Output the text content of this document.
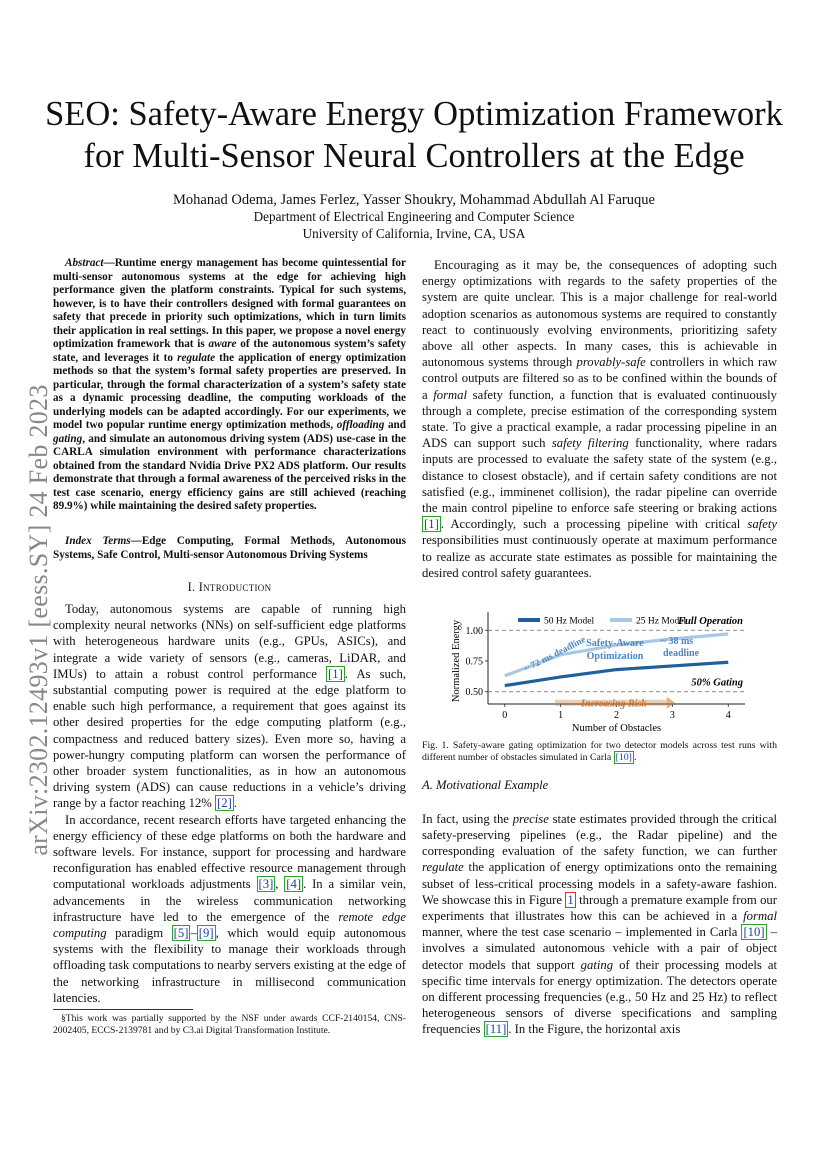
SEO: Safety-Aware Energy Optimization Framework
for Multi-Sensor Neural Controllers at the Edge
Mohanad Odema, James Ferlez, Yasser Shoukry, Mohammad Abdullah Al Faruque
Department of Electrical Engineering and Computer Science
University of California, Irvine, CA, USA
arXiv:2302.12493v1 [eess.SY] 24 Feb 2023
Abstract—Runtime energy management has become quintessential for multi-sensor autonomous systems at the edge for achieving high performance given the platform constraints. Typical for such systems, however, is to have their controllers designed with formal guarantees on safety that precede in priority such optimizations, which in turn limits their application in real settings. In this paper, we propose a novel energy optimization framework that is aware of the autonomous system’s safety state, and leverages it to regulate the application of energy optimization methods so that the system’s formal safety properties are preserved. In particular, through the formal characterization of a system’s safety state as a dynamic processing deadline, the computing workloads of the underlying models can be adapted accordingly. For our experiments, we model two popular runtime energy optimization methods, offloading and gating, and simulate an autonomous driving system (ADS) use-case in the CARLA simulation environment with performance characterizations obtained from the standard Nvidia Drive PX2 ADS platform. Our results demonstrate that through a formal awareness of the perceived risks in the test case scenario, energy efficiency gains are still achieved (reaching 89.9%) while maintaining the desired safety properties.
Index Terms—Edge Computing, Formal Methods, Autonomous Systems, Safe Control, Multi-sensor Autonomous Driving Systems
I. Introduction

Today, autonomous systems are capable of running high complexity neural networks (NNs) on self-sufficient edge platforms with heterogeneous hardware units (e.g., GPUs, ASICs), and integrate a wide variety of sensors (e.g., cameras, LiDAR, and IMUs) to attain a robust control performance [1] . As such, substantial computing power is required at the edge platform to enable such high performance, a requirement that goes against its other desired properties for the edge computing platform (e.g., compactness and reduced battery sizes). Even more so, having a power-hungry computing platform can worsen the performance of other broader system functionalities, as in how an autonomous driving system (ADS) can cause reductions in a vehicle’s driving range by a factor reaching 12% [2] .

In accordance, recent research efforts have targeted enhancing the energy efficiency of these edge platforms on both the hardware and software levels. For instance, support for processing and hardware reconfiguration has enabled effective resource management through computational workloads adjustments [3] , [4] . In a similar vein, advancements in the wireless communication networking infrastructure have led to the emergence of the remote edge computing paradigm [5] – [9] , which would equip autonomous systems with the flexibility to manage their workloads through offloading task computations to nearby servers existing at the edge of the networking infrastructure in millisecond communication latencies.

§This work was partially supported by the NSF under awards CCF-2140154, CNS-2002405, ECCS-2139781 and by C3.ai Digital Transformation Institute.

Encouraging as it may be, the consequences of adopting such energy optimizations with regards to the safety properties of the system are quite unclear. This is a major challenge for real-world adoption scenarios as autonomous systems are required to constantly react to continuously evolving environments, prioritizing safety above all other aspects. In many cases, this is achievable in autonomous systems through provably-safe controllers in which raw control outputs are filtered so as to be confined within the bounds of a formal safety function, a function that is evaluated continuously through a complete, precise estimation of the corresponding system state. To give a practical example, a radar processing pipeline in an ADS can support such safety filtering functionality, where radars inputs are processed to evaluate the safety state of the system (e.g., distance to closest obstacle), and if certain safety conditions are not satisfied (e.g., imminenet collision), the radar pipeline can override the main control pipeline to enforce safe steering or braking actions [1] . Accordingly, such a processing pipeline with critical safety responsibilities must continuously operate at maximum performance to realize as accurate state estimates as possible for maintaining the desired control safety guarantees.

0	1	2	3	4
0.50
0.75
1.00
Number of Obstacles
Normalized Energy	50 Hz Model	25 Hz Model
Full Operation
50% Gating
~ 72 ms deadline
Safety-Aware
Optimization
~ 38 ms
deadline
Increasing Risk
Fig. 1. Safety-aware gating optimization for two detector models across test runs with different number of obstacles simulated in Carla [10] .
A. Motivational Example

In fact, using the precise state estimates provided through the critical safety-preserving pipelines (e.g., the Radar pipeline) and the corresponding evaluation of the safety function, we can further regulate the application of energy optimizations onto the remaining subset of less-critical processing models in a safety-aware fashion. We showcase this in Figure 1 through a premature example from our experiments that illustrates how this can be achieved in a formal manner, where the test case scenario – implemented in Carla [10] – involves a simulated autonomous vehicle with a pair of object detector models that support gating of their processing models at specific time intervals for energy optimization. The detectors operate on different processing frequencies (e.g., 50 Hz and 25 Hz) to reflect heterogeneous sensors of diverse specifications and sampling frequencies [11] . In the Figure, the horizontal axis
